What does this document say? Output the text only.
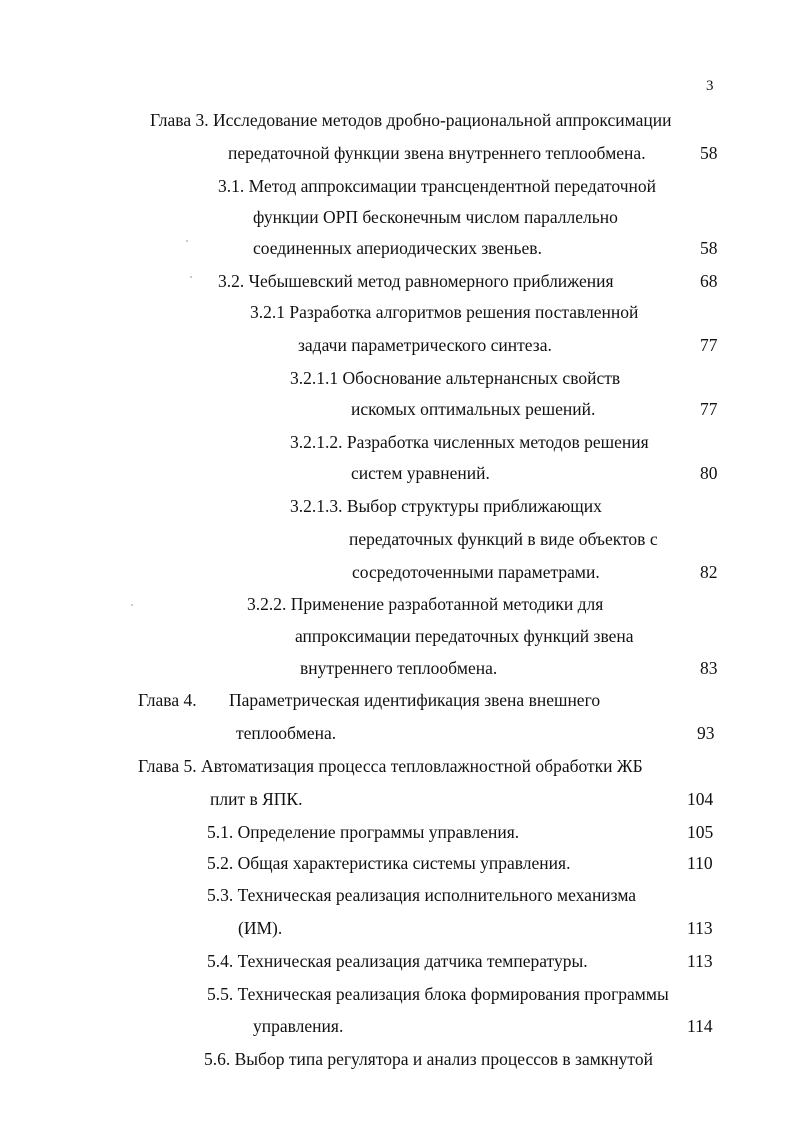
3
Глава 3. Исследование методов дробно-рациональной аппроксимации
передаточной функции звена внутреннего теплообмена.
3.1. Метод аппроксимации трансцендентной передаточной
функции ОРП бесконечным числом параллельно
соединенных апериодических звеньев.
3.2. Чебышевский метод равномерного приближения
3.2.1 Разработка алгоритмов решения поставленной
задачи параметрического синтеза.
3.2.1.1 Обоснование альтернансных свойств
искомых оптимальных решений.
3.2.1.2. Разработка численных методов решения
систем уравнений.
3.2.1.3. Выбор структуры приближающих
передаточных функций в виде объектов с
сосредоточенными параметрами.
3.2.2. Применение разработанной методики для
аппроксимации передаточных функций звена
внутреннего теплообмена.
Глава 4. Параметрическая идентификация звена внешнего
теплообмена.
Глава 5. Автоматизация процесса тепловлажностной обработки ЖБ
плит в ЯПК.
5.1. Определение программы управления.
5.2. Общая характеристика системы управления.
5.3. Техническая реализация исполнительного механизма
(ИМ).
5.4. Техническая реализация датчика температуры.
5.5. Техническая реализация блока формирования программы
управления.
5.6. Выбор типа регулятора и анализ процессов в замкнутой
58
58
68
77
77
80
82
83
93
104
105
110
113
113
114
